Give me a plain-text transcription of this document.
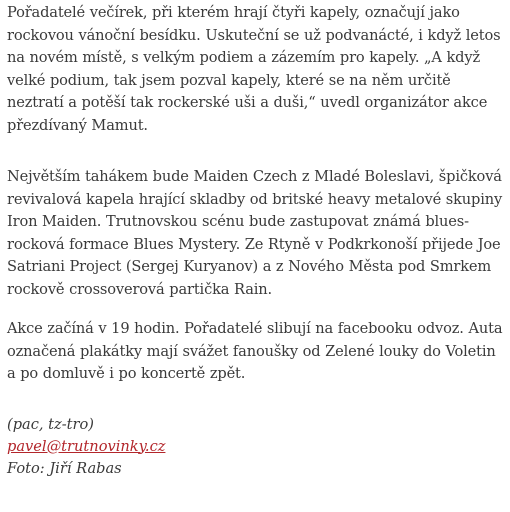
Pořadatelé večírek, při kterém hrají čtyři kapely, označují jako
rockovou vánoční besídku. Uskuteční se už podvanácté, i když letos
na novém místě, s velkým podiem a zázemím pro kapely. „A když
velké podium, tak jsem pozval kapely, které se na něm určitě
neztratí a potěší tak rockerské uši a duši,“ uvedl organizátor akce
přezdívaný Mamut.

Největším tahákem bude Maiden Czech z Mladé Boleslavi, špičková
revivalová kapela hrající skladby od britské heavy metalové skupiny
Iron Maiden. Trutnovskou scénu bude zastupovat známá blues-
rocková formace Blues Mystery. Ze Rtyně v Podkrkonoší přijede Joe
Satriani Project (Sergej Kuryanov) a z Nového Města pod Smrkem
rockově crossoverová partička Rain.

Akce začíná v 19 hodin. Pořadatelé slibují na facebooku odvoz. Auta
označená plakátky mají svážet fanoušky od Zelené louky do Voletin
a po domluvě i po koncertě zpět.

(pac, tz-tro)
pavel@trutnovinky.cz
Foto: Jiří Rabas
